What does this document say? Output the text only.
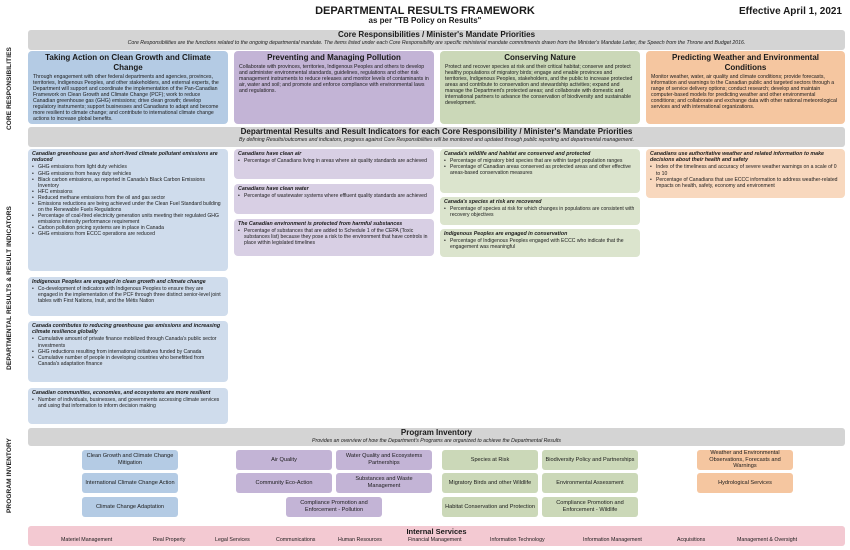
DEPARTMENTAL RESULTS FRAMEWORK
as per "TB Policy on Results"
Effective April 1, 2021
CORE RESPONSIBILITIES
DEPARTMENTAL RESULTS & RESULT INDICATORS
PROGRAM INVENTORY
Core Responsibilities / Minister's Mandate Priorities
Core Responsibilities are the functions related to the ongoing departmental mandate. The items listed under each Core Responsibility are specific ministerial mandate commitments drawn from the Minister's Mandate Letter, the Speech from the Throne and Budget 2016.
Taking Action on Clean Growth and Climate Change
Through engagement with other federal departments and agencies, provinces, territories, Indigenous Peoples, and other stakeholders, and external experts, the Department will support and coordinate the implementation of the Pan-Canadian Framework on Clean Growth and Climate Change (PCF); work to reduce Canadian greenhouse gas (GHG) emissions; drive clean growth; develop regulatory instruments; support businesses and Canadians to adapt and become more resilient to climate change; and contribute to international climate change actions to increase global benefits.
Preventing and Managing Pollution
Collaborate with provinces, territories, Indigenous Peoples and others to develop and administer environmental standards, guidelines, regulations and other risk management instruments to reduce releases and monitor levels of contaminants in air, water and soil; and promote and enforce compliance with environmental laws and regulations.
Conserving Nature
Protect and recover species at risk and their critical habitat; conserve and protect healthy populations of migratory birds; engage and enable provinces and territories, Indigenous Peoples, stakeholders, and the public to increase protected areas and contribute to conservation and stewardship activities; expand and manage the Department's protected areas; and collaborate with domestic and international partners to advance the conservation of biodiversity and sustainable development.
Predicting Weather and Environmental Conditions
Monitor weather, water, air quality and climate conditions; provide forecasts, information and warnings to the Canadian public and targeted sectors through a range of service delivery options; conduct research; develop and maintain computer-based models for predicting weather and other environmental conditions; and collaborate and exchange data with other national meteorological services and with international organizations.
Departmental Results and Result Indicators for each Core Responsibility / Minister's Mandate Priorities
By defining Results/outcomes and indicators, progress against Core Responsibilities will be monitored and updated through public reporting and departmental management.
Canadian greenhouse gas and short-lived climate pollutant emissions are reduced
• GHG emissions from light duty vehicles
• GHG emissions from heavy duty vehicles
• Black carbon emissions, as reported in Canada's Black Carbon Emissions Inventory
• HFC emissions
• Reduced methane emissions from the oil and gas sector
• Emissions reductions are being achieved under the Clean Fuel Standard building on the Renewable Fuels Regulations
• Percentage of coal-fired electricity generation units meeting their regulated GHG emissions intensity performance requirement
• Carbon pollution pricing systems are in place in Canada
• GHG emissions from ECCC operations are reduced
Indigenous Peoples are engaged in clean growth and climate change
• Co-development of indicators with Indigenous Peoples to ensure they are engaged in the implementation of the PCF through three distinct senior-level joint tables with First Nations, Inuit, and the Métis Nation
Canada contributes to reducing greenhouse gas emissions and increasing climate resilience globally
• Cumulative amount of private finance mobilized through Canada's public sector investments
• GHG reductions resulting from international initiatives funded by Canada
• Cumulative number of people in developing countries who benefitted from Canada's adaptation finance
Canadian communities, economies, and ecosystems are more resilient
• Number of individuals, businesses, and governments accessing climate services and using that information to inform decision making
Canadians have clean air
• Percentage of Canadians living in areas where air quality standards are achieved
Canadians have clean water
• Percentage of wastewater systems where effluent quality standards are achieved
The Canadian environment is protected from harmful substances
• Percentage of substances that are added to Schedule 1 of the CEPA (Toxic substances list) because they pose a risk to the environment that have controls in place within legislated timelines
Canada's wildlife and habitat are conserved and protected
• Percentage of migratory bird species that are within target population ranges
• Percentage of Canadian areas conserved as protected areas and other effective areas-based conservation measures
Canada's species at risk are recovered
• Percentage of species at risk for which changes in populations are consistent with recovery objectives
Indigenous Peoples are engaged in conservation
• Percentage of Indigenous Peoples engaged with ECCC who indicate that the engagement was meaningful
Canadians use authoritative weather and related information to make decisions about their health and safety
• Index of the timeliness and accuracy of severe weather warnings on a scale of 0 to 10
• Percentage of Canadians that use ECCC information to address weather-related impacts on health, safety, economy and environment
Program Inventory
Provides an overview of how the Department's Programs are organized to achieve the Departmental Results
Clean Growth and Climate Change Mitigation
International Climate Change Action
Climate Change Adaptation
Air Quality
Water Quality and Ecosystems Partnerships
Community Eco-Action
Substances and Waste Management
Compliance Promotion and Enforcement - Pollution
Species at Risk	Biodiversity Policy and Partnerships
Migratory Birds and other Wildlife	Environmental Assessment
Habitat Conservation and Protection
Compliance Promotion and Enforcement - Wildlife
Weather and Environmental Observations, Forecasts and Warnings
Hydrological Services
Internal Services
Materiel Management	Real Property	Legal Services	Communications	Human Resources	Financial Management	Information Technology	Information Management	Acquisitions	Management & Oversight
